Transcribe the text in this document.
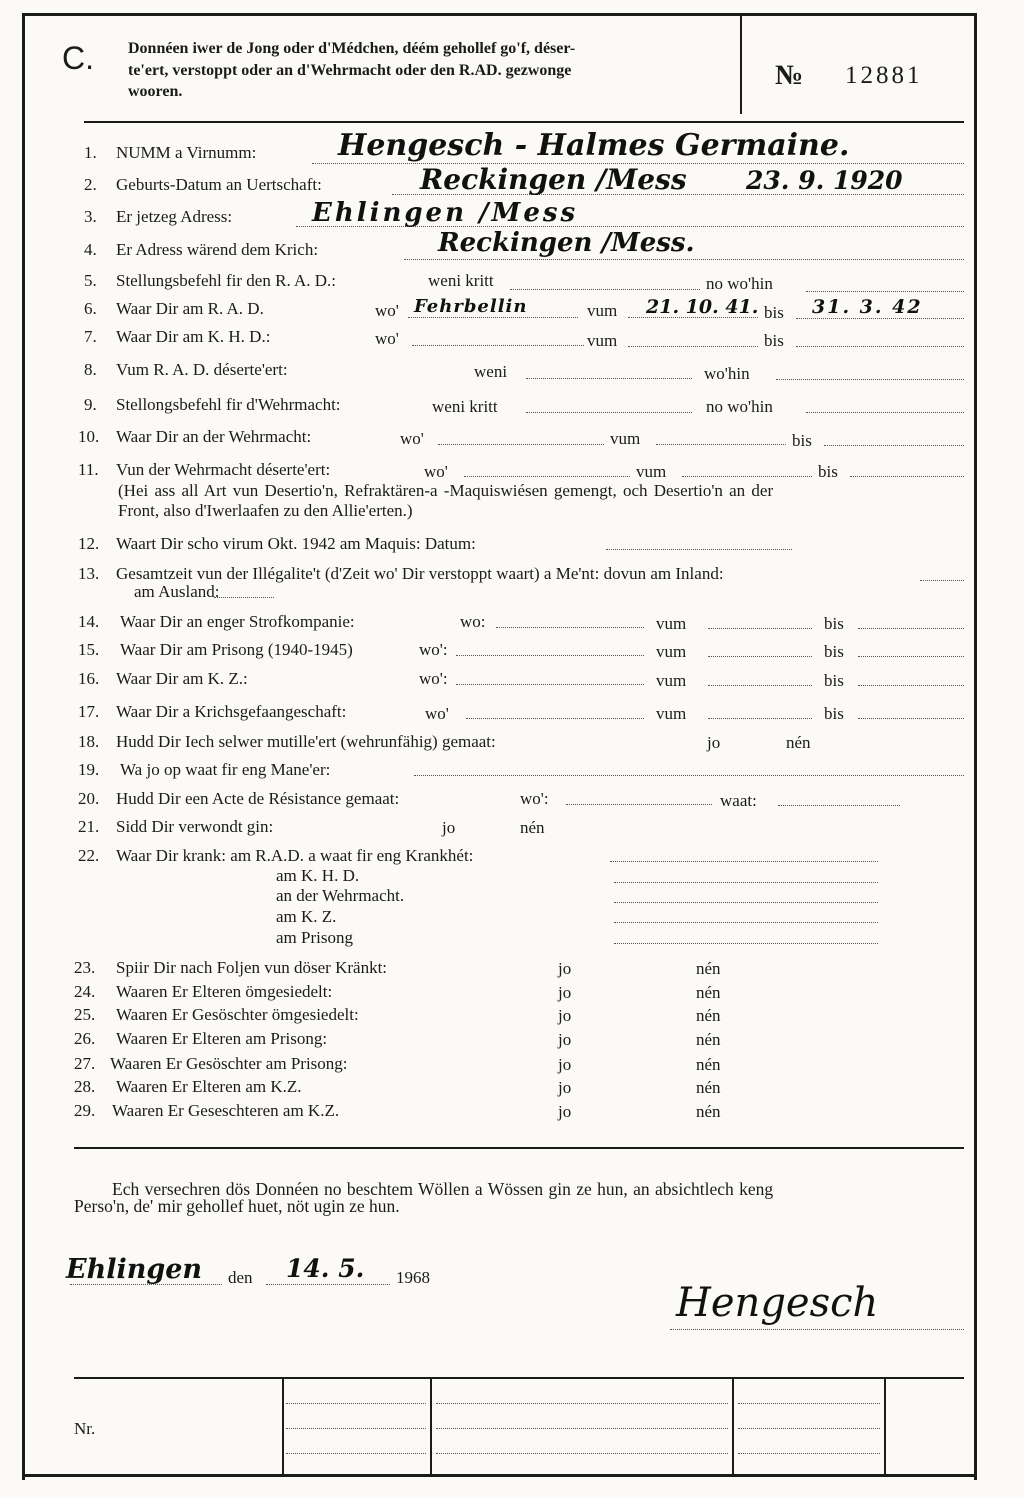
C. Donnéen iwer de Jong oder d'Médchen, déém gehollef go'f, déser-
te'ert, verstoppt oder an d'Wehrmacht oder den R.AD. gezwonge
wooren.
№ 12881
1. NUMM a Virnumm:	Hengesch - Halmes Germaine.
2. Geburts-Datum an Uertschaft:	Reckingen /Mess 23. 9. 1920
3. Er jetzeg Adress:	Ehlingen /Mess
4. Er Adress wärend dem Krich:	Reckingen /Mess.
5. Stellungsbefehl fir den R. A. D.:	weni kritt	no wo'hin
6. Waar Dir am R. A. D.	wo' Fehrbellin	vum 21. 10. 41. bis 31. 3. 42
7. Waar Dir am K. H. D.:	wo'	vum	bis
8. Vum R. A. D. déserte'ert:	weni	wo'hin
9. Stellongsbefehl fir d'Wehrmacht:	weni kritt	no wo'hin
10. Waar Dir an der Wehrmacht:	wo'	vum	bis
11. Vun der Wehrmacht déserte'ert:	wo'	vum	bis
(Hei ass all Art vun Desertio'n, Refraktären-a -Maquiswiésen gemengt, och Desertio'n an der
Front, also d'Iwerlaafen zu den Allie'erten.)
12. Waart Dir scho virum Okt. 1942 am Maquis: Datum:
13. Gesamtzeit vun der Illégalite't (d'Zeit wo' Dir verstoppt waart) a Me'nt: dovun am Inland:
am Ausland:
14. Waar Dir an enger Strofkompanie:	wo:	vum	bis
15. Waar Dir am Prisong (1940-1945)	wo':	vum	bis
16. Waar Dir am K. Z.:	wo':	vum	bis
17. Waar Dir a Krichsgefaangeschaft:	wo'	vum	bis
18. Hudd Dir Iech selwer mutille'ert (wehrunfähig) gemaat:	jo	nén
19. Wa jo op waat fir eng Mane'er:
20. Hudd Dir een Acte de Résistance gemaat:	wo':	waat:
21. Sidd Dir verwondt gin:	jo	nén
22. Waar Dir krank: am R.A.D. a waat fir eng Krankhét:
am K. H. D.
an der Wehrmacht.
am K. Z.
am Prisong
23. Spiir Dir nach Foljen vun döser Kränkt:	jo	nén
24. Waaren Er Elteren ömgesiedelt:	jo	nén
25. Waaren Er Gesöschter ömgesiedelt:	jo	nén
26. Waaren Er Elteren am Prisong:	jo	nén
27. Waaren Er Gesöschter am Prisong:	jo	nén
28. Waaren Er Elteren am K.Z.	jo	nén
29. Waaren Er Geseschteren am K.Z.	jo	nén
Ech versechren dös Donnéen no beschtem Wöllen a Wössen gin ze hun, an absichtlech keng
Perso'n, de' mir gehollef huet, nöt ugin ze hun.
Ehlingen den 14. 5. 1968
Hengesch
Nr.
